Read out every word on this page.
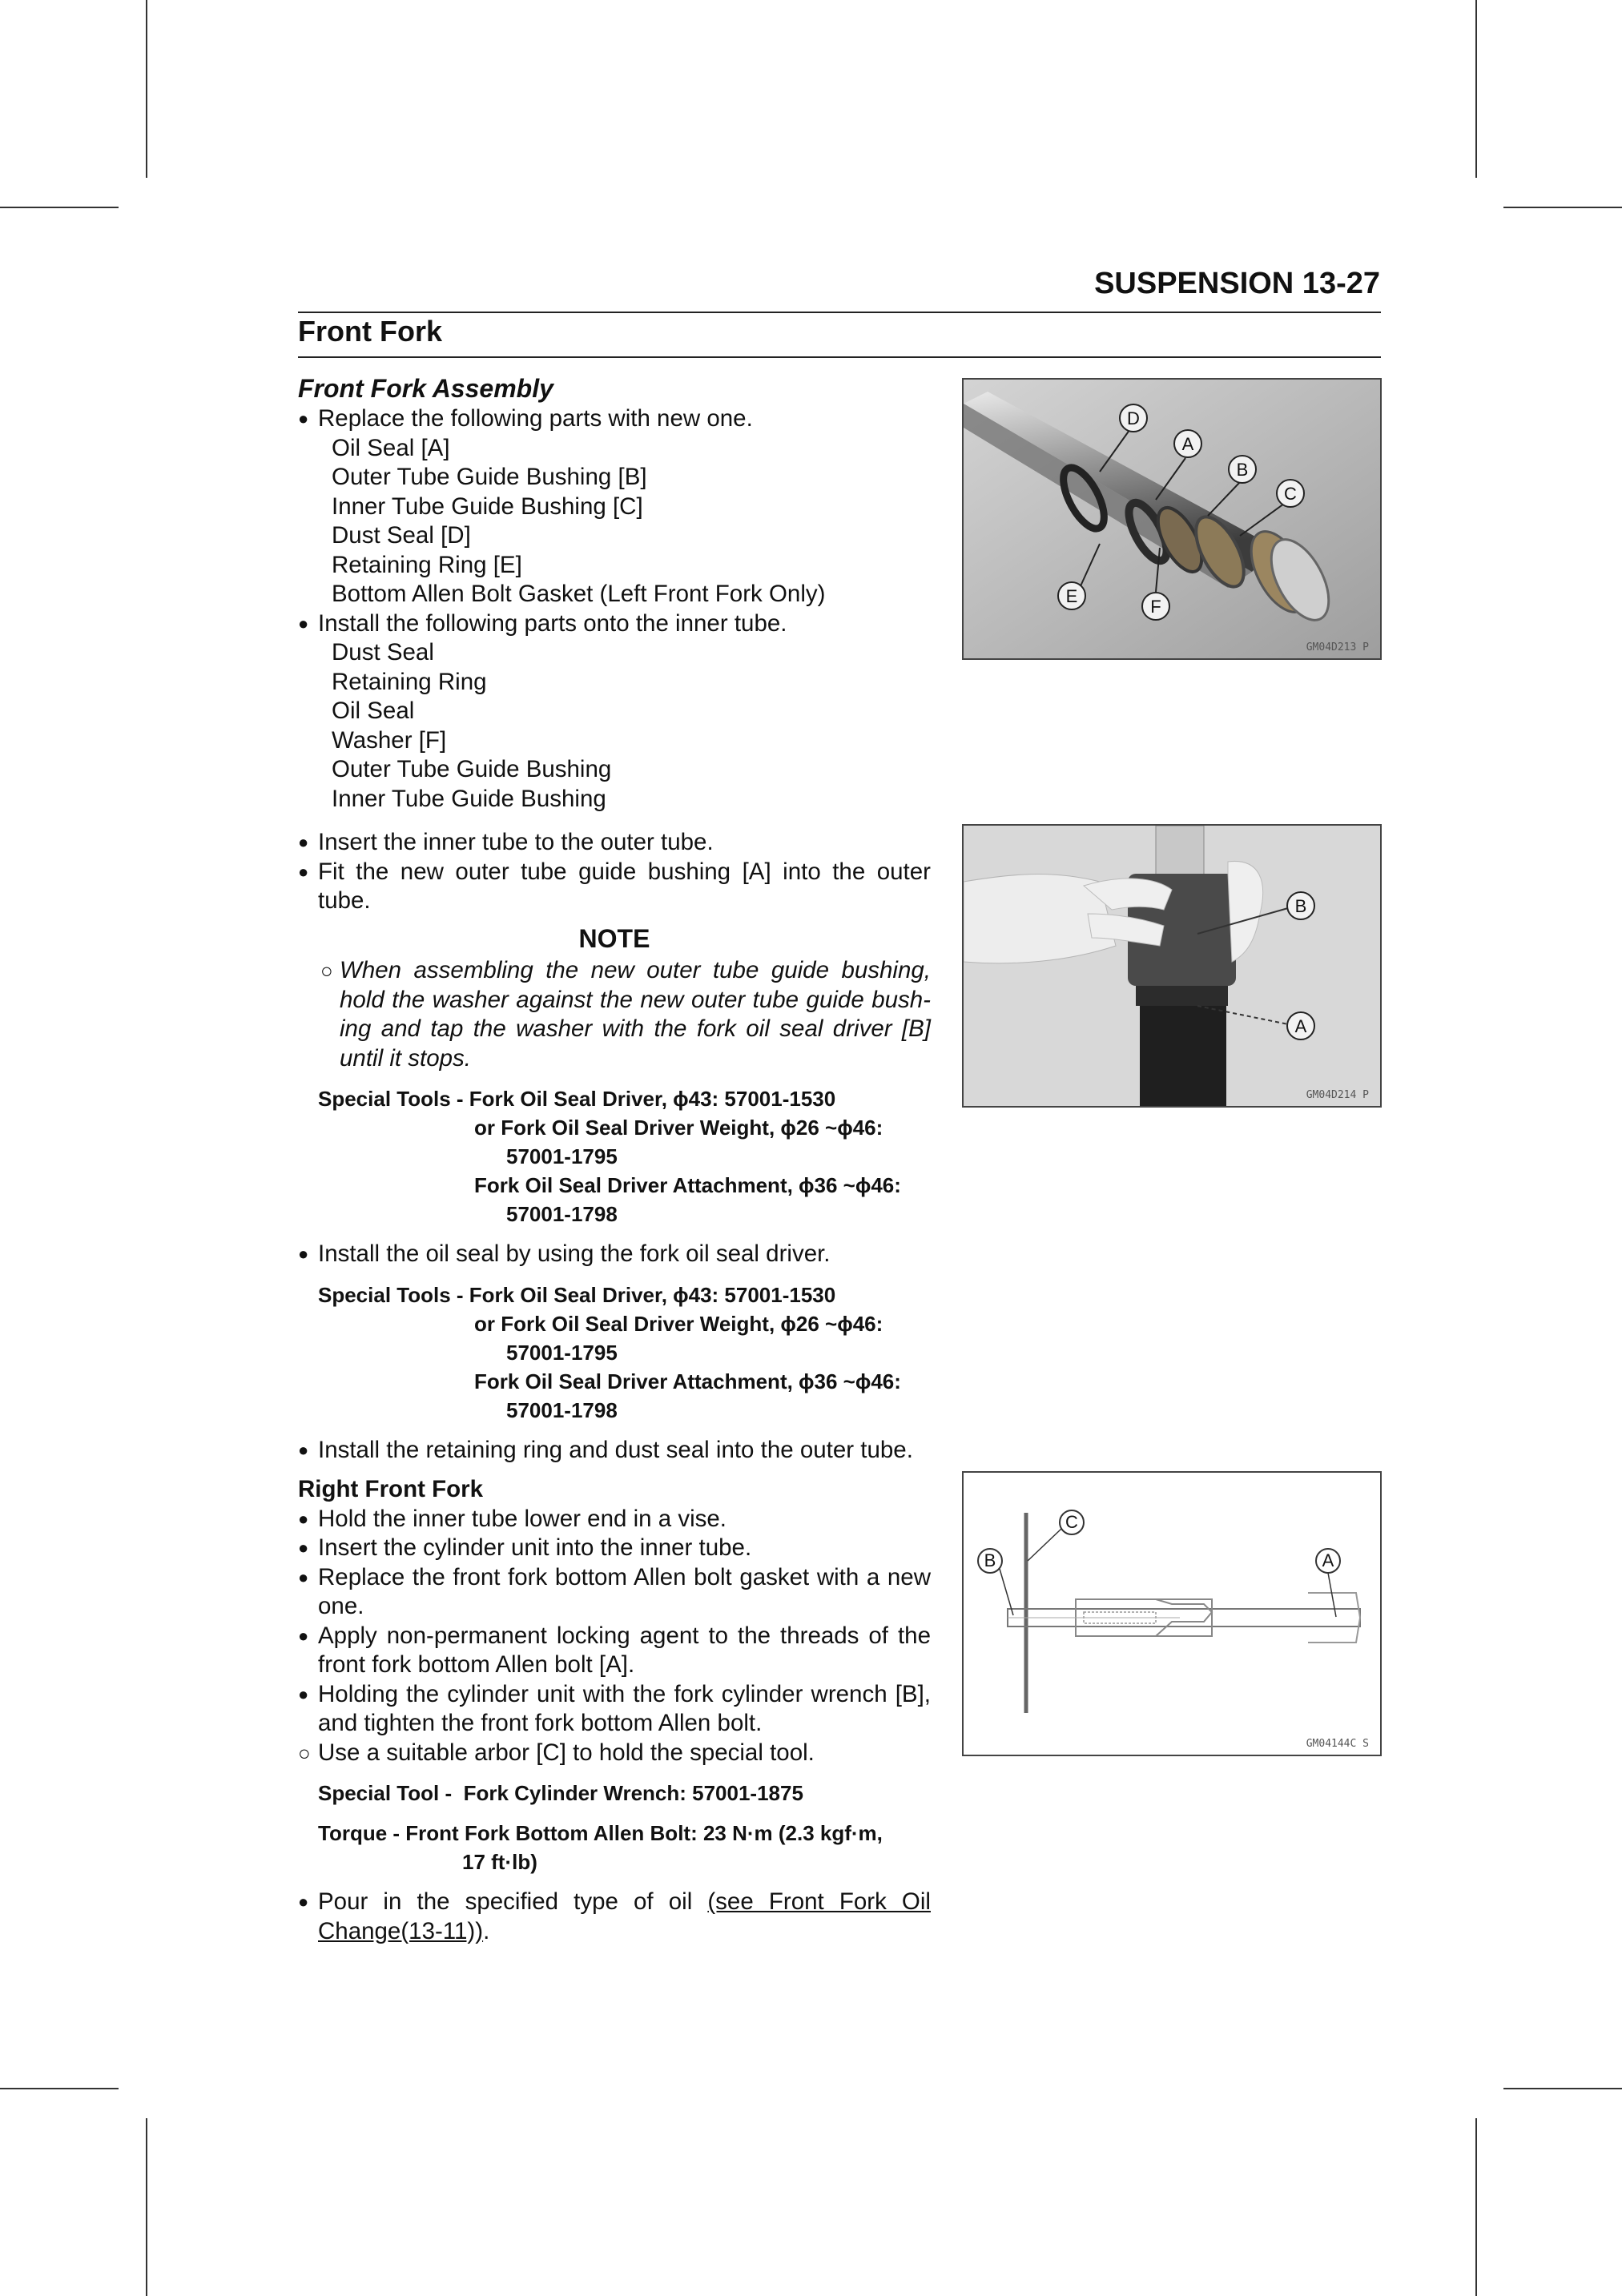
SUSPENSION 13-27
Front Fork
Front Fork Assembly
● Replace the following parts with new one.
Oil Seal [A]
Outer Tube Guide Bushing [B]
Inner Tube Guide Bushing [C]
Dust Seal [D]
Retaining Ring [E]
Bottom Allen Bolt Gasket (Left Front Fork Only)
● Install the following parts onto the inner tube.
Dust Seal
Retaining Ring
Oil Seal
Washer [F]
Outer Tube Guide Bushing
Inner Tube Guide Bushing
● Insert the inner tube to the outer tube.
● Fit the new outer tube guide bushing [A] into the outer tube.
NOTE
○ When assembling the new outer tube guide bushing, hold the washer against the new outer tube guide bush-ing and tap the washer with the fork oil seal driver [B] until it stops.
Special Tools -
Fork Oil Seal Driver, ϕ43: 57001-1530
or Fork Oil Seal Driver Weight, ϕ26 ~ϕ46:
57001-1795
Fork Oil Seal Driver Attachment, ϕ36 ~ϕ46:
57001-1798
● Install the oil seal by using the fork oil seal driver.
Special Tools -
Fork Oil Seal Driver, ϕ43: 57001-1530
or Fork Oil Seal Driver Weight, ϕ26 ~ϕ46:
57001-1795
Fork Oil Seal Driver Attachment, ϕ36 ~ϕ46:
57001-1798
● Install the retaining ring and dust seal into the outer tube.
Right Front Fork
● Hold the inner tube lower end in a vise.
● Insert the cylinder unit into the inner tube.
● Replace the front fork bottom Allen bolt gasket with a new one.
● Apply non-permanent locking agent to the threads of the front fork bottom Allen bolt [A].
● Holding the cylinder unit with the fork cylinder wrench [B], and tighten the front fork bottom Allen bolt.
○ Use a suitable arbor [C] to hold the special tool.
Special Tool -
Fork Cylinder Wrench: 57001-1875
Torque -
Front Fork Bottom Allen Bolt: 23 N·m (2.3 kgf·m,
17 ft·lb)
● Pour in the specified type of oil (see Front Fork Oil Change(13-11)).
D
A
B
C
E
F
GM04D213 P
B
A
GM04D214 P
C
B	A
GM04144C S
